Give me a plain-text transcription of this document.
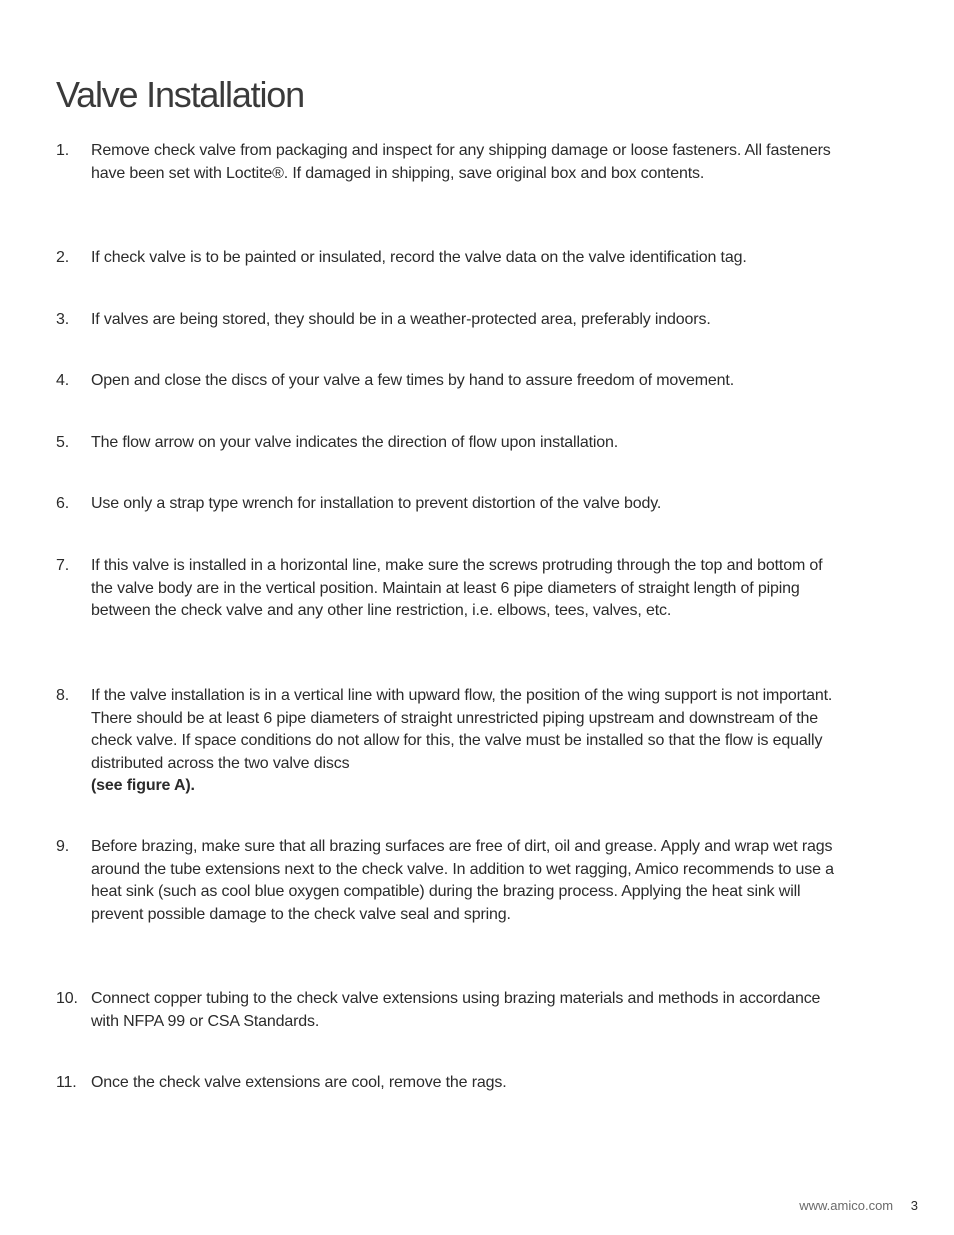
Valve Installation
1. Remove check valve from packaging and inspect for any shipping damage or loose fasteners. All fasteners have been set with Loctite®. If damaged in shipping, save original box and box contents.
2. If check valve is to be painted or insulated, record the valve data on the valve identification tag.
3. If valves are being stored, they should be in a weather-protected area, preferably indoors.
4. Open and close the discs of your valve a few times by hand to assure freedom of movement.
5. The flow arrow on your valve indicates the direction of flow upon installation.
6. Use only a strap type wrench for installation to prevent distortion of the valve body.
7. If this valve is installed in a horizontal line, make sure the screws protruding through the top and bottom of the valve body are in the vertical position. Maintain at least 6 pipe diameters of straight length of piping between the check valve and any other line restriction, i.e. elbows, tees, valves, etc.
8. If the valve installation is in a vertical line with upward flow, the position of the wing support is not important. There should be at least 6 pipe diameters of straight unrestricted piping upstream and downstream of the check valve. If space conditions do not allow for this, the valve must be installed so that the flow is equally distributed across the two valve discs
(see figure A).
9. Before brazing, make sure that all brazing surfaces are free of dirt, oil and grease. Apply and wrap wet rags around the tube extensions next to the check valve. In addition to wet ragging, Amico recommends to use a heat sink (such as cool blue oxygen compatible) during the brazing process. Applying the heat sink will prevent possible damage to the check valve seal and spring.
10. Connect copper tubing to the check valve extensions using brazing materials and methods in accordance with NFPA 99 or CSA Standards.
11. Once the check valve extensions are cool, remove the rags.
www.amico.com 3
